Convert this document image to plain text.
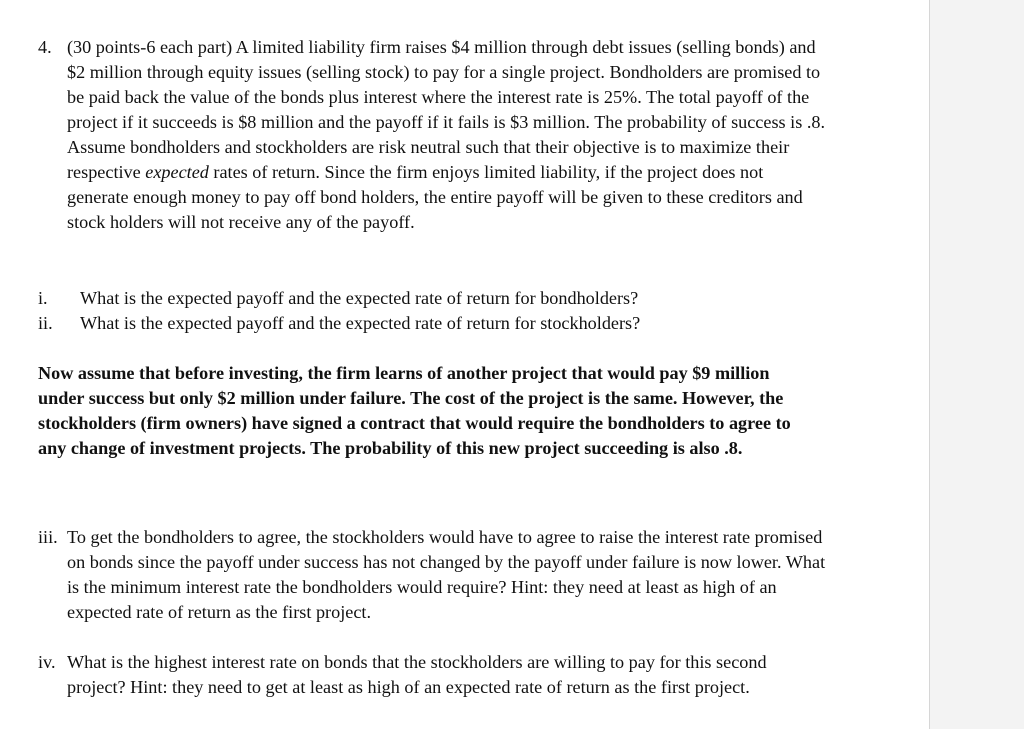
4. (30 points-6 each part) A limited liability firm raises $4 million through debt issues (selling bonds) and $2 million through equity issues (selling stock) to pay for a single project. Bondholders are promised to be paid back the value of the bonds plus interest where the interest rate is 25%. The total payoff of the project if it succeeds is $8 million and the payoff if it fails is $3 million. The probability of success is .8. Assume bondholders and stockholders are risk neutral such that their objective is to maximize their respective expected rates of return. Since the firm enjoys limited liability, if the project does not generate enough money to pay off bond holders, the entire payoff will be given to these creditors and stock holders will not receive any of the payoff.
i. What is the expected payoff and the expected rate of return for bondholders?
ii. What is the expected payoff and the expected rate of return for stockholders?

Now assume that before investing, the firm learns of another project that would pay $9 million under success but only $2 million under failure. The cost of the project is the same. However, the stockholders (firm owners) have signed a contract that would require the bondholders to agree to any change of investment projects. The probability of this new project succeeding is also .8.

iii. To get the bondholders to agree, the stockholders would have to agree to raise the interest rate promised on bonds since the payoff under success has not changed by the payoff under failure is now lower. What is the minimum interest rate the bondholders would require? Hint: they need at least as high of an expected rate of return as the first project.
iv. What is the highest interest rate on bonds that the stockholders are willing to pay for this second project? Hint: they need to get at least as high of an expected rate of return as the first project.
